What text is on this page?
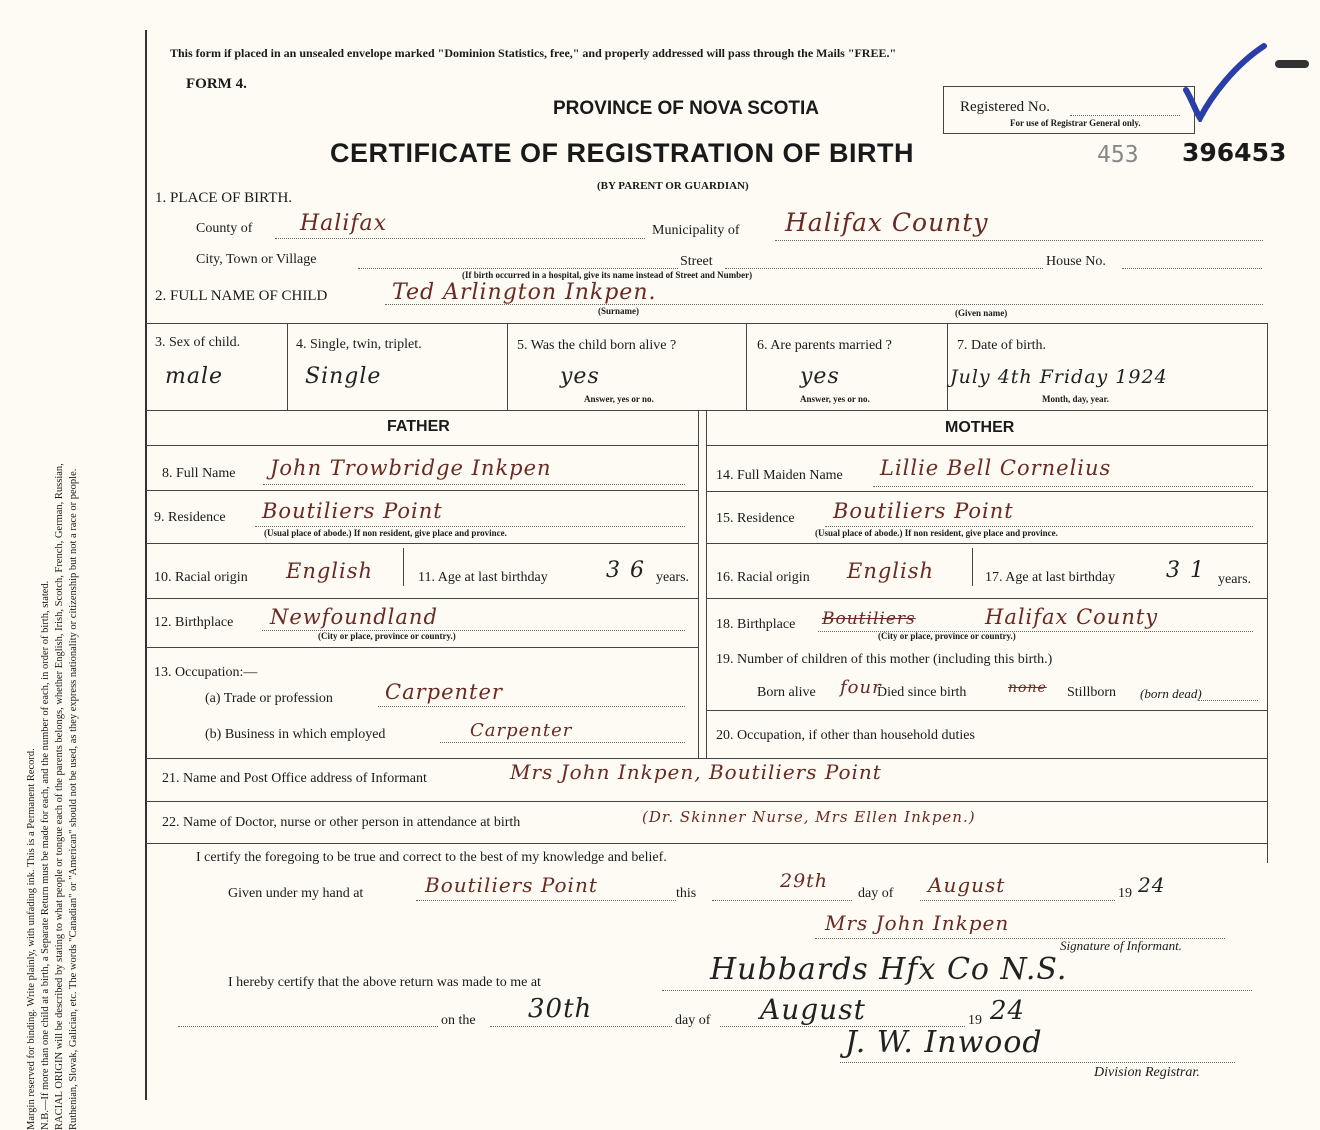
Margin reserved for binding. Write plainly, with unfading ink. This is a Permanent Record. N.B.—If more than one child at a birth, a Separate Return must be made for each, and the number of each, in order of birth, stated. RACIAL ORIGIN will be described by stating to what people or tongue each of the parents belongs, whether English, Irish, Scotch, French, German, Russian, Ruthenian, Slovak, Galician, etc. The words "Canadian" or "American" should not be used, as they express nationality or citizenship but not a race or people.
This form if placed in an unsealed envelope marked "Dominion Statistics, free," and properly addressed will pass through the Mails "FREE."
FORM 4.
PROVINCE OF NOVA SCOTIA
CERTIFICATE OF REGISTRATION OF BIRTH
(BY PARENT OR GUARDIAN)
Registered No.
For use of Registrar General only.
453 396453
1. PLACE OF BIRTH.
County of Halifax	Municipality of Halifax County
City, Town or Village	Street	House No.
(If birth occurred in a hospital, give its name instead of Street and Number)
2. FULL NAME OF CHILD	Ted Arlington Inkpen.
(Surname)	(Given name)
3. Sex of child.
male
4. Single, twin, triplet.
Single
5. Was the child born alive ?
yes
Answer, yes or no.
6. Are parents married ?
yes
Answer, yes or no.
7. Date of birth.
July 4th Friday 1924
Month, day, year.
FATHER	MOTHER
8. Full Name John Trowbridge Inkpen
9. Residence Boutiliers Point
(Usual place of abode.) If non resident, give place and province.
10. Racial origin English	11. Age at last birthday	36 years.
12. Birthplace Newfoundland
(City or place, province or country.)
13. Occupation:—
(a) Trade or profession Carpenter
(b) Business in which employed	Carpenter
14. Full Maiden Name Lillie Bell Cornelius
15. Residence Boutiliers Point
(Usual place of abode.) If non resident, give place and province.
16. Racial origin English	17. Age at last birthday 31 years.
18. Birthplace Boutiliers	Halifax County
(City or place, province or country.)
19. Number of children of this mother (including this birth.)
Born alive four
Died since birth	none Stillborn (born dead)
20. Occupation, if other than household duties
21. Name and Post Office address of Informant	Mrs John Inkpen, Boutiliers Point
22. Name of Doctor, nurse or other person in attendance at birth	(Dr. Skinner Nurse, Mrs Ellen Inkpen.)
I certify the foregoing to be true and correct to the best of my knowledge and belief.
Given under my hand at	Boutiliers Point	this
29th
day of August	19 24
Mrs John Inkpen
Signature of Informant.
I hereby certify that the above return was made to me at	Hubbards Hfx Co N.S.
on the 30th	day of August	19 24
J. W. Inwood
Division Registrar.
